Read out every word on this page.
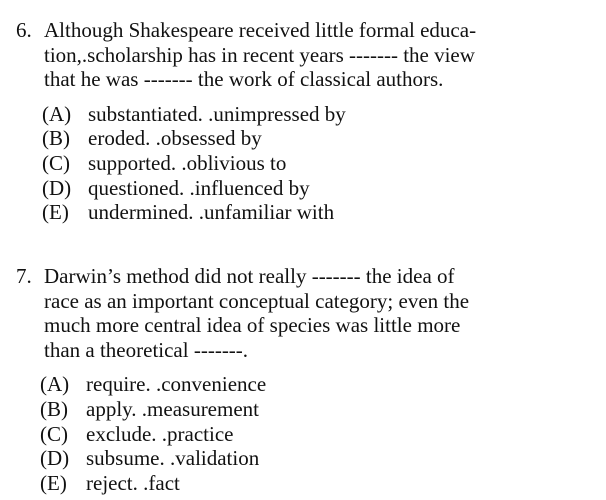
6. Although Shakespeare received little formal educa-
tion,.scholarship has in recent years ------- the view
that he was ------- the work of classical authors.
(A) substantiated. .unimpressed by
(B) eroded. .obsessed by
(C) supported. .oblivious to
(D) questioned. .influenced by
(E) undermined. .unfamiliar with
7. Darwin’s method did not really ------- the idea of
race as an important conceptual category; even the
much more central idea of species was little more
than a theoretical -------.
(A) require. .convenience
(B) apply. .measurement
(C) exclude. .practice
(D) subsume. .validation
(E) reject. .fact
